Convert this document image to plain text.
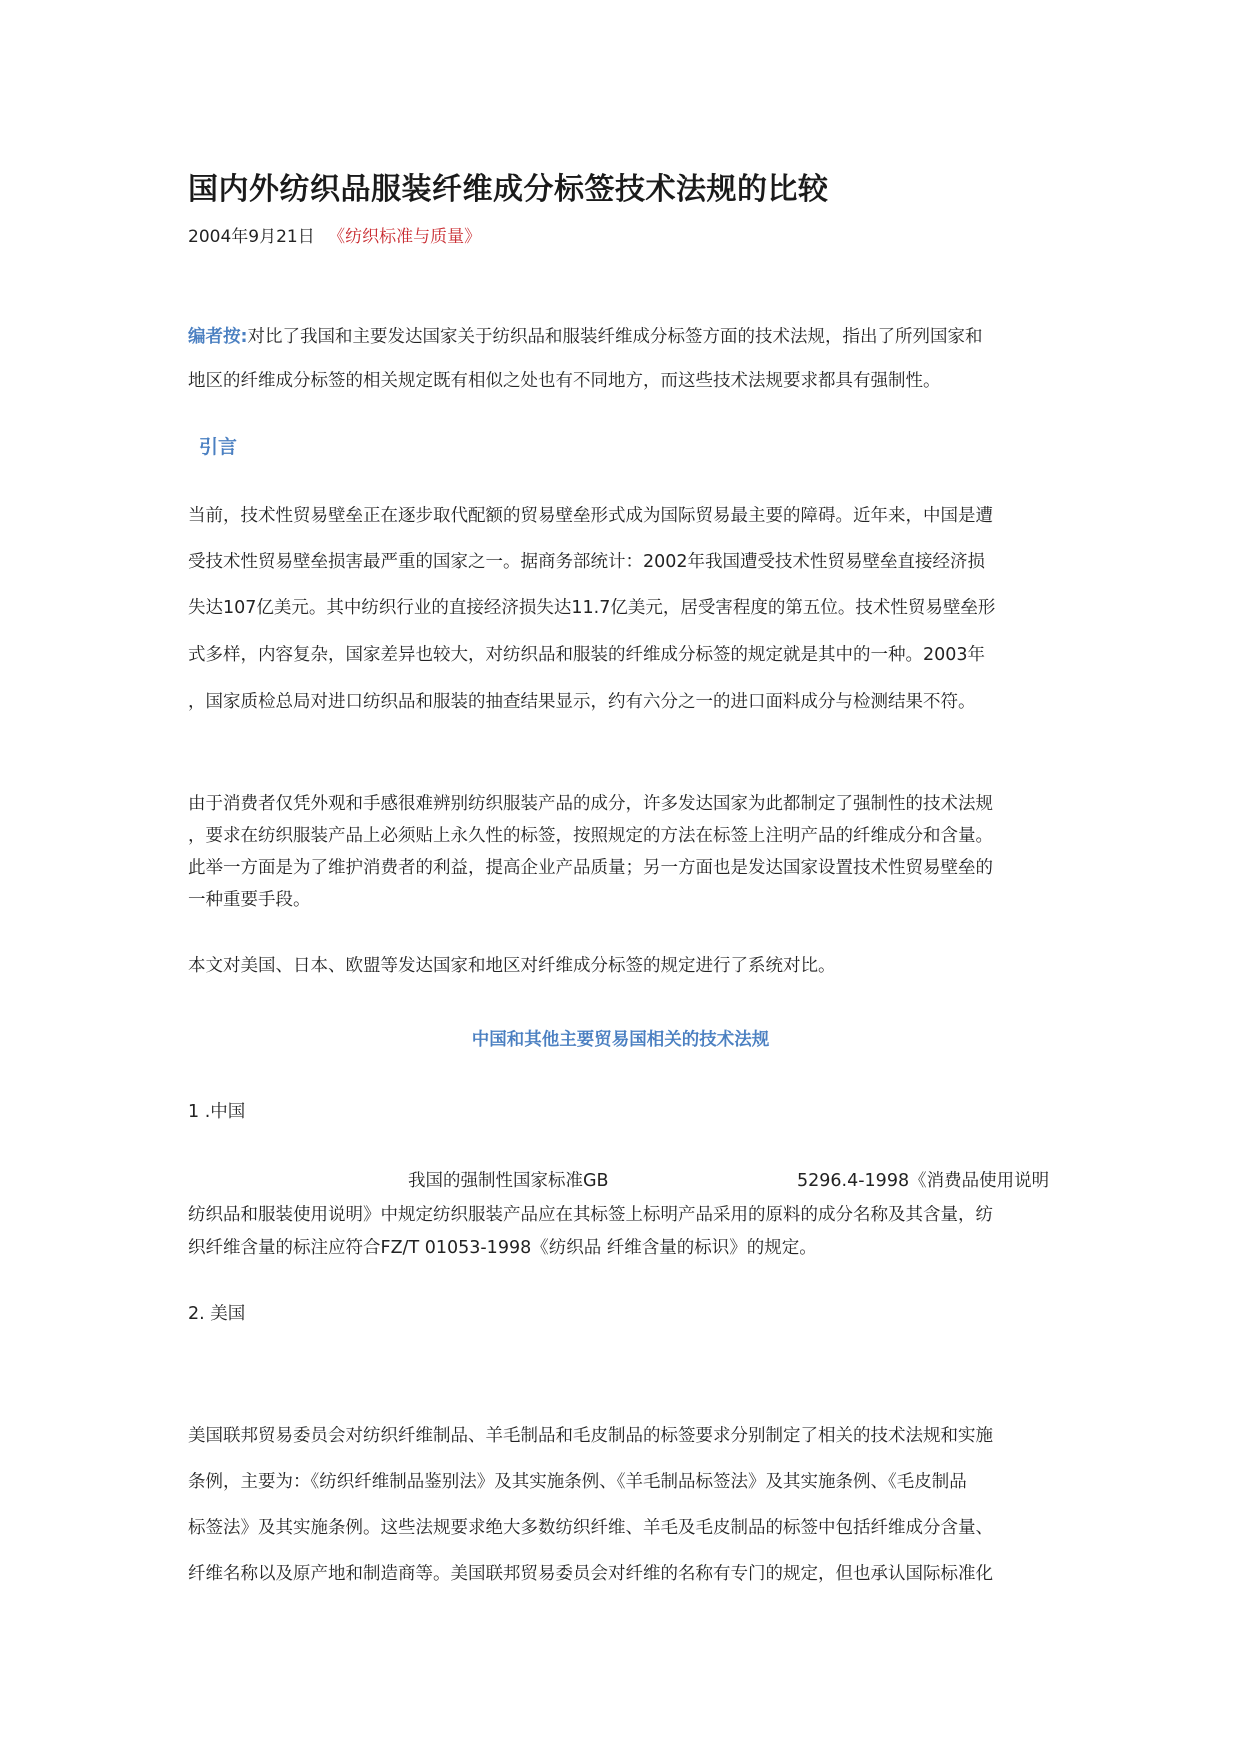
国内外纺织品服装纤维成分标签技术法规的比较
2004年9月21日 《纺织标准与质量》
编者按:对比了我国和主要发达国家关于纺织品和服装纤维成分标签方面的技术法规，指出了所列国家和
地区的纤维成分标签的相关规定既有相似之处也有不同地方，而这些技术法规要求都具有强制性。
引言
当前，技术性贸易壁垒正在逐步取代配额的贸易壁垒形式成为国际贸易最主要的障碍。近年来，中国是遭
受技术性贸易壁垒损害最严重的国家之一。据商务部统计：2002年我国遭受技术性贸易壁垒直接经济损
失达107亿美元。其中纺织行业的直接经济损失达11.7亿美元，居受害程度的第五位。技术性贸易壁垒形
式多样，内容复杂，国家差异也较大，对纺织品和服装的纤维成分标签的规定就是其中的一种。2003年
，国家质检总局对进口纺织品和服装的抽查结果显示，约有六分之一的进口面料成分与检测结果不符。
由于消费者仅凭外观和手感很难辨别纺织服装产品的成分，许多发达国家为此都制定了强制性的技术法规
，要求在纺织服装产品上必须贴上永久性的标签，按照规定的方法在标签上注明产品的纤维成分和含量。
此举一方面是为了维护消费者的利益，提高企业产品质量；另一方面也是发达国家设置技术性贸易壁垒的
一种重要手段。
本文对美国、日本、欧盟等发达国家和地区对纤维成分标签的规定进行了系统对比。
中国和其他主要贸易国相关的技术法规
1 .中国
我国的强制性国家标准GB	5296.4-1998《消费品使用说明
纺织品和服装使用说明》中规定纺织服装产品应在其标签上标明产品采用的原料的成分名称及其含量，纺
织纤维含量的标注应符合FZ/T 01053-1998《纺织品 纤维含量的标识》的规定。
2. 美国
美国联邦贸易委员会对纺织纤维制品、羊毛制品和毛皮制品的标签要求分别制定了相关的技术法规和实施
条例，主要为：《纺织纤维制品鉴别法》及其实施条例、《羊毛制品标签法》及其实施条例、《毛皮制品
标签法》及其实施条例。这些法规要求绝大多数纺织纤维、羊毛及毛皮制品的标签中包括纤维成分含量、
纤维名称以及原产地和制造商等。美国联邦贸易委员会对纤维的名称有专门的规定，但也承认国际标准化
